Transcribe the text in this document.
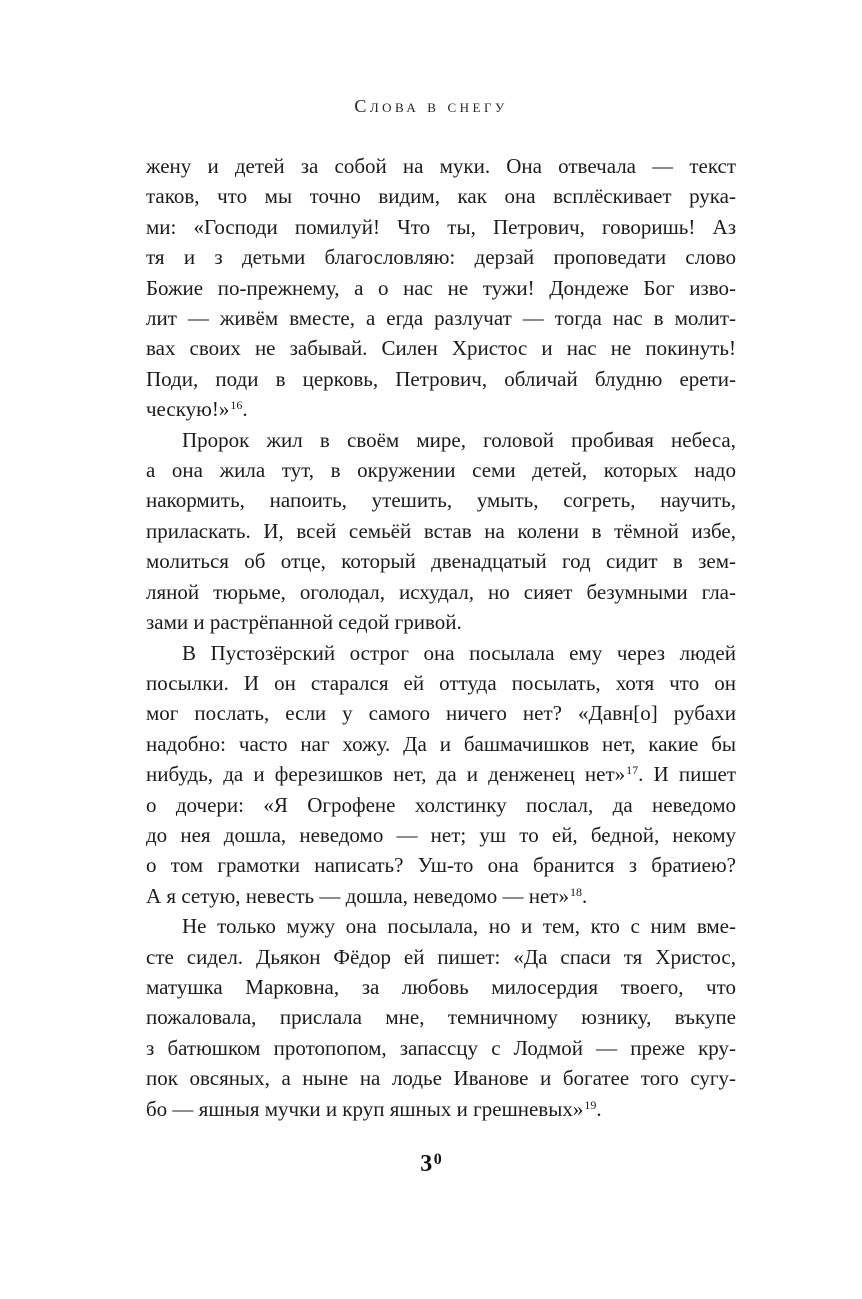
Слова в снегу
жену и детей за собой на муки. Она отвечала — текст
таков, что мы точно видим, как она всплёскивает рука-
ми: «Господи помилуй! Что ты, Петрович, говоришь! Аз
тя и з детьми благословляю: дерзай проповедати слово
Божие по-прежнему, а о нас не тужи! Дондеже Бог изво-
лит — живём вместе, а егда разлучат — тогда нас в молит-
вах своих не забывай. Силен Христос и нас не покинуть!
Поди, поди в церковь, Петрович, обличай блудню ерети-
ческую!»$^{16}$.
Пророк жил в своём мире, головой пробивая небеса,
а она жила тут, в окружении семи детей, которых надо
накормить, напоить, утешить, умыть, согреть, научить,
приласкать. И, всей семьёй встав на колени в тёмной избе,
молиться об отце, который двенадцатый год сидит в зем-
ляной тюрьме, оголодал, исхудал, но сияет безумными гла-
зами и растрёпанной седой гривой.
В Пустозёрский острог она посылала ему через людей
посылки. И он старался ей оттуда посылать, хотя что он
мог послать, если у самого ничего нет? «Давн[о] рубахи
надобно: часто наг хожу. Да и башмачишков нет, какие бы
нибудь, да и ферезишков нет, да и денженец нет»$^{17}$. И пишет
о дочери: «Я Огрофене холстинку послал, да неведомо
до нея дошла, неведомо — нет; уш то ей, бедной, некому
о том грамотки написать? Уш-то она бранится з братиею?
А я сетую, невесть — дошла, неведомо — нет»$^{18}$.
Не только мужу она посылала, но и тем, кто с ним вме-
сте сидел. Дьякон Фёдор ей пишет: «Да спаси тя Христос,
матушка Марковна, за любовь милосердия твоего, что
пожаловала, прислала мне, темничному юзнику, въкупе
з батюшком протопопом, запассцу с Лодмой — преже кру-
пок овсяных, а ныне на лодье Иванове и богатее того сугу-
бо — яшныя мучки и круп яшных и грешневых»$^{19}$.
$3^0$
